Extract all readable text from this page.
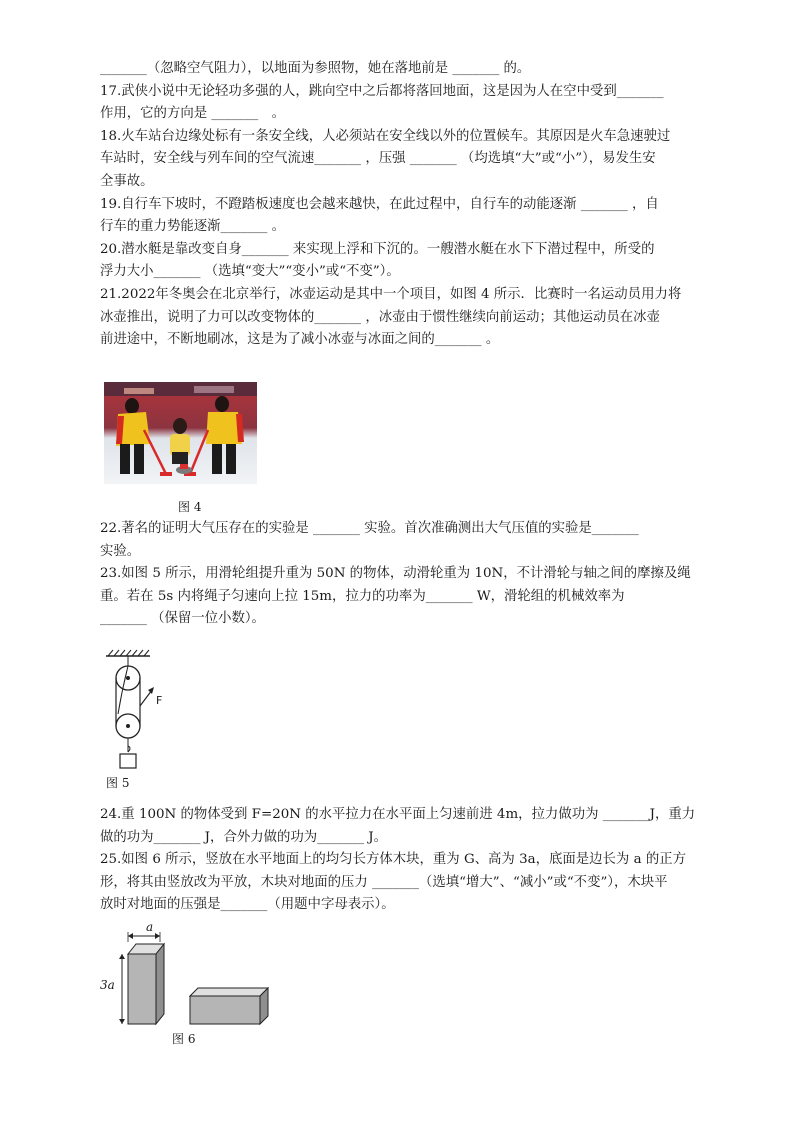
_______（忽略空气阻力），以地面为参照物，她在落地前是 _______ 的。
17.武侠小说中无论轻功多强的人，跳向空中之后都将落回地面，这是因为人在空中受到_______
作用，它的方向是 _______　。
18.火车站台边缘处标有一条安全线，人必须站在安全线以外的位置候车。其原因是火车急速驶过
车站时，安全线与列车间的空气流速_______ ，压强 _______ （均选填“大”或“小”），易发生安
全事故。
19.自行车下坡时，不蹬踏板速度也会越来越快，在此过程中，自行车的动能逐渐 _______ ，自
行车的重力势能逐渐_______ 。
20.潜水艇是靠改变自身_______ 来实现上浮和下沉的。一艘潜水艇在水下下潜过程中，所受的
浮力大小_______ （选填“变大”“变小”或“不变”）。
21.2022年冬奥会在北京举行，冰壶运动是其中一个项目，如图 4 所示．比赛时一名运动员用力将
冰壶推出，说明了力可以改变物体的_______ ，冰壶由于惯性继续向前运动；其他运动员在冰壶
前进途中，不断地刷冰，这是为了减小冰壶与冰面之间的_______ 。
图 4
22.著名的证明大气压存在的实验是 _______ 实验。首次准确测出大气压值的实验是_______
实验。
23.如图 5 所示，用滑轮组提升重为 50N 的物体，动滑轮重为 10N，不计滑轮与轴之间的摩擦及绳
重。若在 5s 内将绳子匀速向上拉 15m，拉力的功率为_______ W，滑轮组的机械效率为
_______ （保留一位小数）。
F
图 5
24.重 100N 的物体受到 F=20N 的水平拉力在水平面上匀速前进 4m，拉力做功为 _______J，重力
做的功为_______ J，合外力做的功为_______ J。
25.如图 6 所示，竖放在水平地面上的均匀长方体木块，重为 G、高为 3a，底面是边长为 a 的正方
形，将其由竖放改为平放，木块对地面的压力 _______（选填“增大”、“减小”或“不变”），木块平
放时对地面的压强是_______（用题中字母表示）。
a
3a
图 6
